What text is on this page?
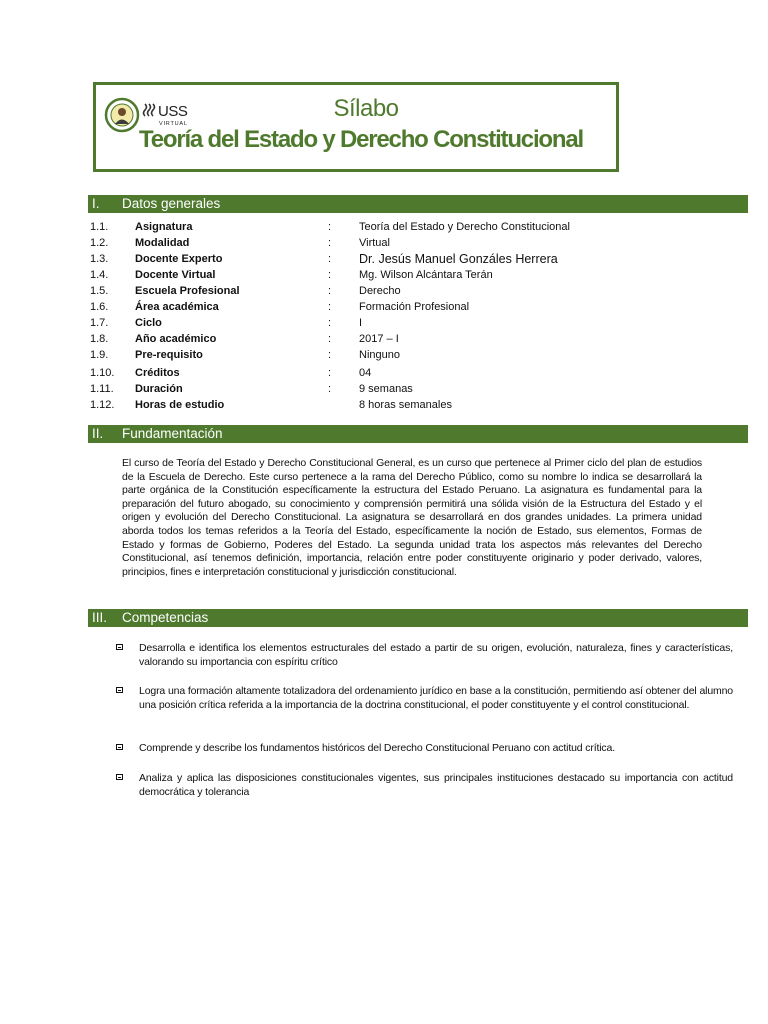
USS
VIRTUAL
Sílabo
Teoría del Estado y Derecho Constitucional
I. Datos generales
1.1. Asignatura	:	Teoría del Estado y Derecho Constitucional
1.2. Modalidad	:	Virtual
1.3. Docente Experto	: Dr. Jesús Manuel Gonzáles Herrera
1.4. Docente Virtual	:	Mg. Wilson Alcántara Terán
1.5. Escuela Profesional	:	Derecho
1.6. Área académica	:	Formación Profesional
1.7. Ciclo	:	I
1.8. Año académico	:	2017 – I
1.9. Pre-requisito	:	Ninguno
1.10. Créditos	:	04
1.11. Duración	:	9 semanas
1.12. Horas de estudio	8 horas semanales
II. Fundamentación
El curso de Teoría del Estado y Derecho Constitucional General, es un curso que pertenece al Primer ciclo del plan de estudios de la Escuela de Derecho. Este curso pertenece a la rama del Derecho Público, como su nombre lo indica se desarrollará la parte orgánica de la Constitución específicamente la estructura del Estado Peruano. La asignatura es fundamental para la preparación del futuro abogado, su conocimiento y comprensión permitirá una sólida visión de la Estructura del Estado y el origen y evolución del Derecho Constitucional. La asignatura se desarrollará en dos grandes unidades. La primera unidad aborda todos los temas referidos a la Teoría del Estado, específicamente la noción de Estado, sus elementos, Formas de Estado y formas de Gobierno, Poderes del Estado. La segunda unidad trata los aspectos más relevantes del Derecho Constitucional, así tenemos definición, importancia, relación entre poder constituyente originario y poder derivado, valores, principios, fines e interpretación constitucional y jurisdicción constitucional.
III. Competencias
Desarrolla e identifica los elementos estructurales del estado a partir de su origen, evolución, naturaleza, fines y características, valorando su importancia con espíritu crítico
Logra una formación altamente totalizadora del ordenamiento jurídico en base a la constitución, permitiendo así obtener del alumno una posición crítica referida a la importancia de la doctrina constitucional, el poder constituyente y el control constitucional.
Comprende y describe los fundamentos históricos del Derecho Constitucional Peruano con actitud crítica.
Analiza y aplica las disposiciones constitucionales vigentes, sus principales instituciones destacado su importancia con actitud democrática y tolerancia
